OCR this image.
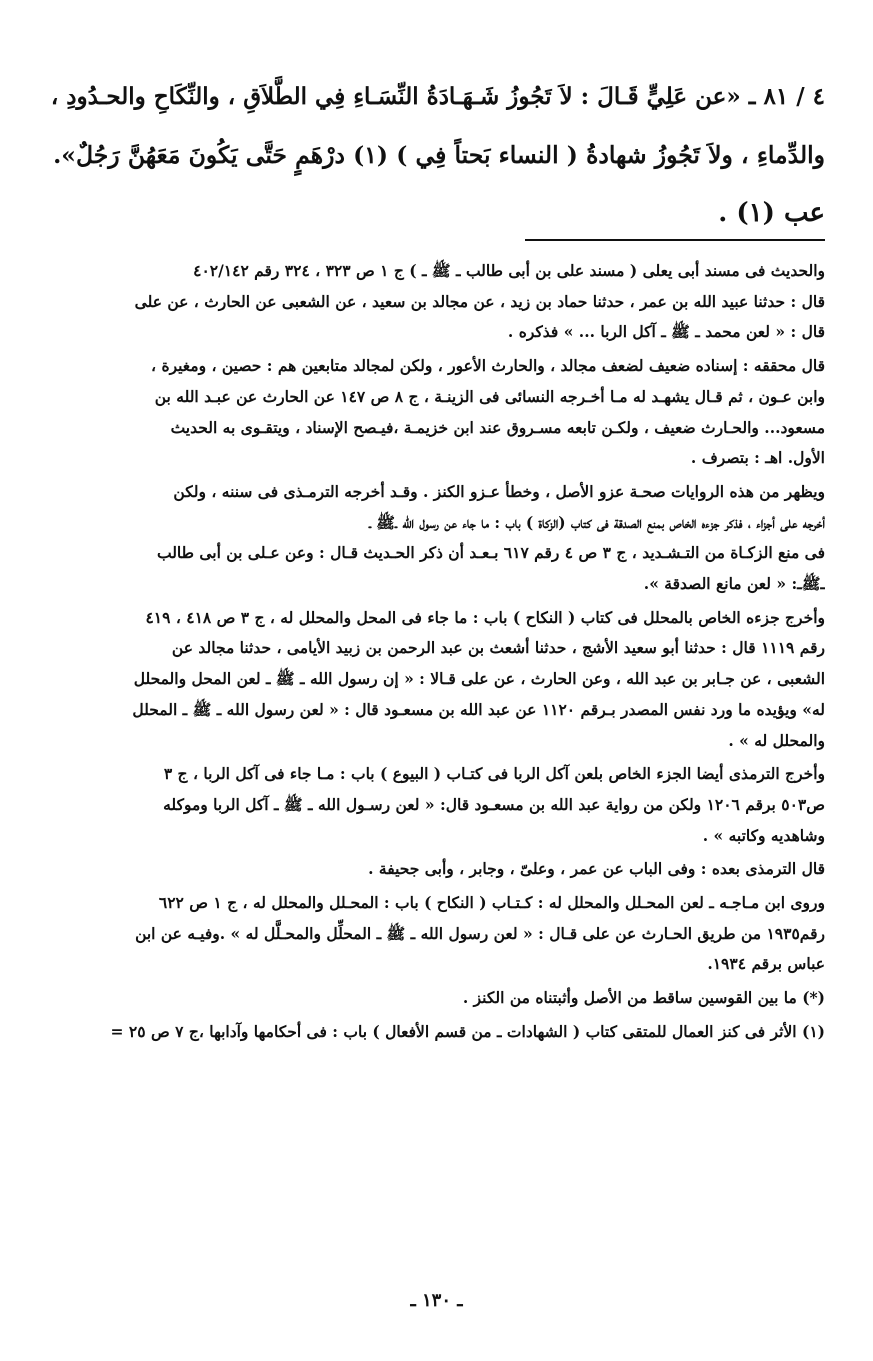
٤ / ٨١ ـ «عن عَلِيٍّ قَـالَ : لاَ تَجُوزُ شَـهَـادَةُ النِّسَـاءِ فِي الطَّلاَقِ ، والنِّكَاحِ والحـدُودِ ،
والدِّماءِ ، ولاَ تَجُوزُ شهادةُ ( النساء بَحتاً فِي ) (١) درْهَمٍ حَتَّى يَكُونَ مَعَهُنَّ رَجُلٌ».
عب (١) .
والحديث فى مسند أبى يعلى ( مسند على بن أبى طالب ـ ﷺ ـ ) ج ١ ص ٣٢٣ ، ٣٢٤ رقم ٤٠٢/١٤٢
قال : حدثنا عبيد الله بن عمر ، حدثنا حماد بن زيد ، عن مجالد بن سعيد ، عن الشعبى عن الحارث ، عن على
قال : « لعن محمد ـ ﷺ ـ آكل الربا ... » فذكره .
قال محققه : إسناده ضعيف لضعف مجالد ، والحارث الأعور ، ولكن لمجالد متابعين هم : حصين ، ومغيرة ،
وابن عـون ، ثم قـال يشهـد له مـا أخـرجه النسائى فى الزينـة ، ج ٨ ص ١٤٧ عن الحارث عن عبـد الله بن
مسعود... والحـارث ضعيف ، ولكـن تابعه مسـروق عند ابن خزيمـة ،فيـصح الإسناد ، ويتقـوى به الحديث
الأول. اهـ : بتصرف .
ويظهر من هذه الروايات صحـة عزو الأصل ، وخطأ عـزو الكنز . وقـد أخرجه الترمـذى فى سننه ، ولكن
أخرجه على أجزاء ، فذكر جزءه الخاص بمنع الصدقة فى كتاب (الزكاة ) باب : ما جاء عن رسول الله ـﷺ ـ
فى منع الزكـاة من التـشـديد ، ج ٣ ص ٤ رقم ٦١٧ بـعـد أن ذكر الحـديث قـال : وعن عـلى بن أبى طالب
ـﷺـ: « لعن مانع الصدقة ».
وأخرج جزءه الخاص بالمحلل فى كتاب ( النكاح ) باب : ما جاء فى المحل والمحلل له ، ج ٣ ص ٤١٨ ، ٤١٩
رقم ١١١٩ قال : حدثنا أبو سعيد الأشج ، حدثنا أشعث بن عبد الرحمن بن زبيد الأيامى ، حدثنا مجالد عن
الشعبى ، عن جـابر بن عبد الله ، وعن الحارث ، عن على قـالا : « إن رسول الله ـ ﷺ ـ لعن المحل والمحلل
له» ويؤيده ما ورد نفس المصدر بـرقم ١١٢٠ عن عبد الله بن مسعـود قال : « لعن رسول الله ـ ﷺ ـ المحلل
والمحلل له » .
وأخرج الترمذى أيضا الجزء الخاص بلعن آكل الربا فى كتـاب ( البيوع ) باب : مـا جاء فى آكل الربا ، ج ٣
ص٥٠٣ برقم ١٢٠٦ ولكن من رواية عبد الله بن مسعـود قال: « لعن رسـول الله ـ ﷺ ـ آكل الربا وموكله
وشاهديه وكاتبه » .
قال الترمذى بعده : وفى الباب عن عمر ، وعلىّ ، وجابر ، وأبى جحيفة .
وروى ابن مـاجـه ـ لعن المحـلل والمحلل له : كـتـاب ( النكاح ) باب : المحـلل والمحلل له ، ج ١ ص ٦٢٢
رقم١٩٣٥ من طريق الحـارث عن على قـال : « لعن رسول الله ـ ﷺ ـ المحلِّل والمحـلَّل له » .وفيـه عن ابن
عباس برقم ١٩٣٤.
(*) ما بين القوسين ساقط من الأصل وأثبتناه من الكنز .
(١) الأثر فى كنز العمال للمتقى كتاب ( الشهادات ـ من قسم الأفعال ) باب : فى أحكامها وآدابها ،ج ٧ ص ٢٥ =
ـ ١٣٠ ـ
